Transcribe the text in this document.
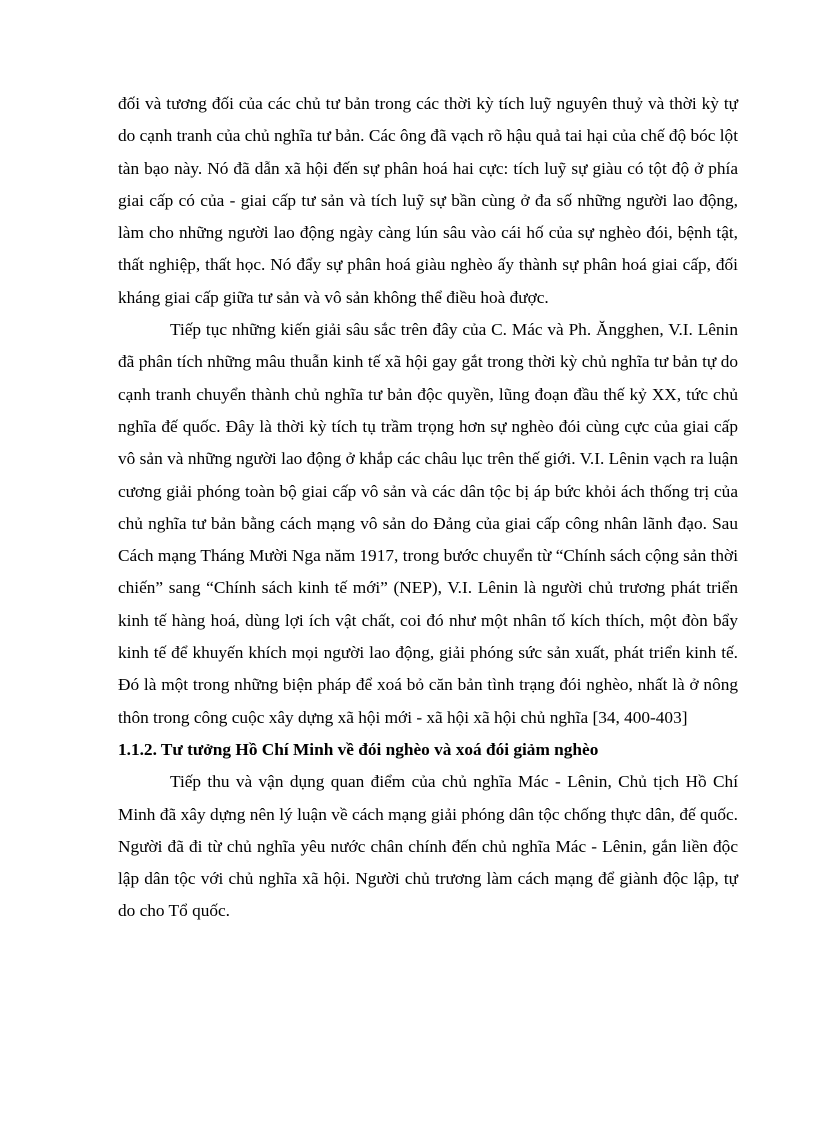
đối và tương đối của các chủ tư bản trong các thời kỳ tích luỹ nguyên thuỷ và thời kỳ tự do cạnh tranh của chủ nghĩa tư bản. Các ông đã vạch rõ hậu quả tai hại của chế độ bóc lột tàn bạo này. Nó đã dẫn xã hội đến sự phân hoá hai cực: tích luỹ sự giàu có tột độ ở phía giai cấp có của - giai cấp tư sản và tích luỹ sự bần cùng ở đa số những người lao động, làm cho những người lao động ngày càng lún sâu vào cái hố của sự nghèo đói, bệnh tật, thất nghiệp, thất học. Nó đẩy sự phân hoá giàu nghèo ấy thành sự phân hoá giai cấp, đối kháng giai cấp giữa tư sản và vô sản không thể điều hoà được.

Tiếp tục những kiến giải sâu sắc trên đây của C. Mác và Ph. Ăngghen, V.I. Lênin đã phân tích những mâu thuẫn kinh tế xã hội gay gắt trong thời kỳ chủ nghĩa tư bản tự do cạnh tranh chuyển thành chủ nghĩa tư bản độc quyền, lũng đoạn đầu thế kỷ XX, tức chủ nghĩa đế quốc. Đây là thời kỳ tích tụ trầm trọng hơn sự nghèo đói cùng cực của giai cấp vô sản và những người lao động ở khắp các châu lục trên thế giới. V.I. Lênin vạch ra luận cương giải phóng toàn bộ giai cấp vô sản và các dân tộc bị áp bức khỏi ách thống trị của chủ nghĩa tư bản bằng cách mạng vô sản do Đảng của giai cấp công nhân lãnh đạo. Sau Cách mạng Tháng Mười Nga năm 1917, trong bước chuyển từ “Chính sách cộng sản thời chiến” sang “Chính sách kinh tế mới” (NEP), V.I. Lênin là người chủ trương phát triển kinh tế hàng hoá, dùng lợi ích vật chất, coi đó như một nhân tố kích thích, một đòn bẩy kinh tế để khuyến khích mọi người lao động, giải phóng sức sản xuất, phát triển kinh tế. Đó là một trong những biện pháp để xoá bỏ căn bản tình trạng đói nghèo, nhất là ở nông thôn trong công cuộc xây dựng xã hội mới - xã hội xã hội chủ nghĩa [34, 400-403]

1.1.2. Tư tưởng Hồ Chí Minh về đói nghèo và xoá đói giảm nghèo

Tiếp thu và vận dụng quan điểm của chủ nghĩa Mác - Lênin, Chủ tịch Hồ Chí Minh đã xây dựng nên lý luận về cách mạng giải phóng dân tộc chống thực dân, đế quốc. Người đã đi từ chủ nghĩa yêu nước chân chính đến chủ nghĩa Mác - Lênin, gắn liền độc lập dân tộc với chủ nghĩa xã hội. Người chủ trương làm cách mạng để giành độc lập, tự do cho Tổ quốc.
